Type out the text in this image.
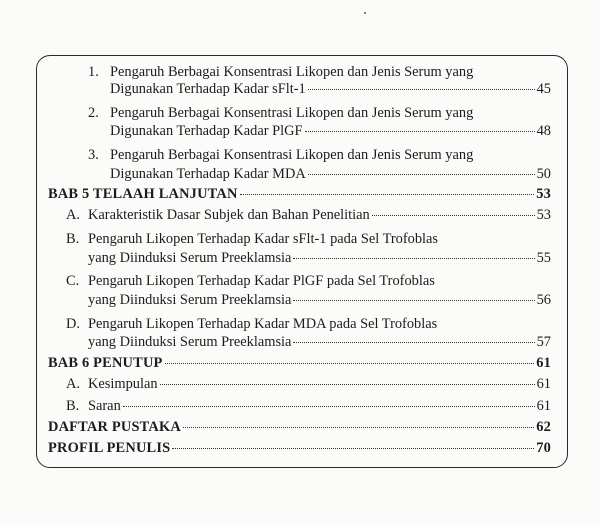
1. Pengaruh Berbagai Konsentrasi Likopen dan Jenis Serum yang
Digunakan Terhadap Kadar sFlt-1	45
2. Pengaruh Berbagai Konsentrasi Likopen dan Jenis Serum yang
Digunakan Terhadap Kadar PlGF	48
3. Pengaruh Berbagai Konsentrasi Likopen dan Jenis Serum yang
Digunakan Terhadap Kadar MDA	50
BAB 5 TELAAH LANJUTAN	53
A. Karakteristik Dasar Subjek dan Bahan Penelitian	53
B. Pengaruh Likopen Terhadap Kadar sFlt-1 pada Sel Trofoblas
yang Diinduksi Serum Preeklamsia	55
C. Pengaruh Likopen Terhadap Kadar PlGF pada Sel Trofoblas
yang Diinduksi Serum Preeklamsia	56
D. Pengaruh Likopen Terhadap Kadar MDA pada Sel Trofoblas
yang Diinduksi Serum Preeklamsia	57
BAB 6 PENUTUP	61
A. Kesimpulan	61
B. Saran	61
DAFTAR PUSTAKA	62
PROFIL PENULIS	70
